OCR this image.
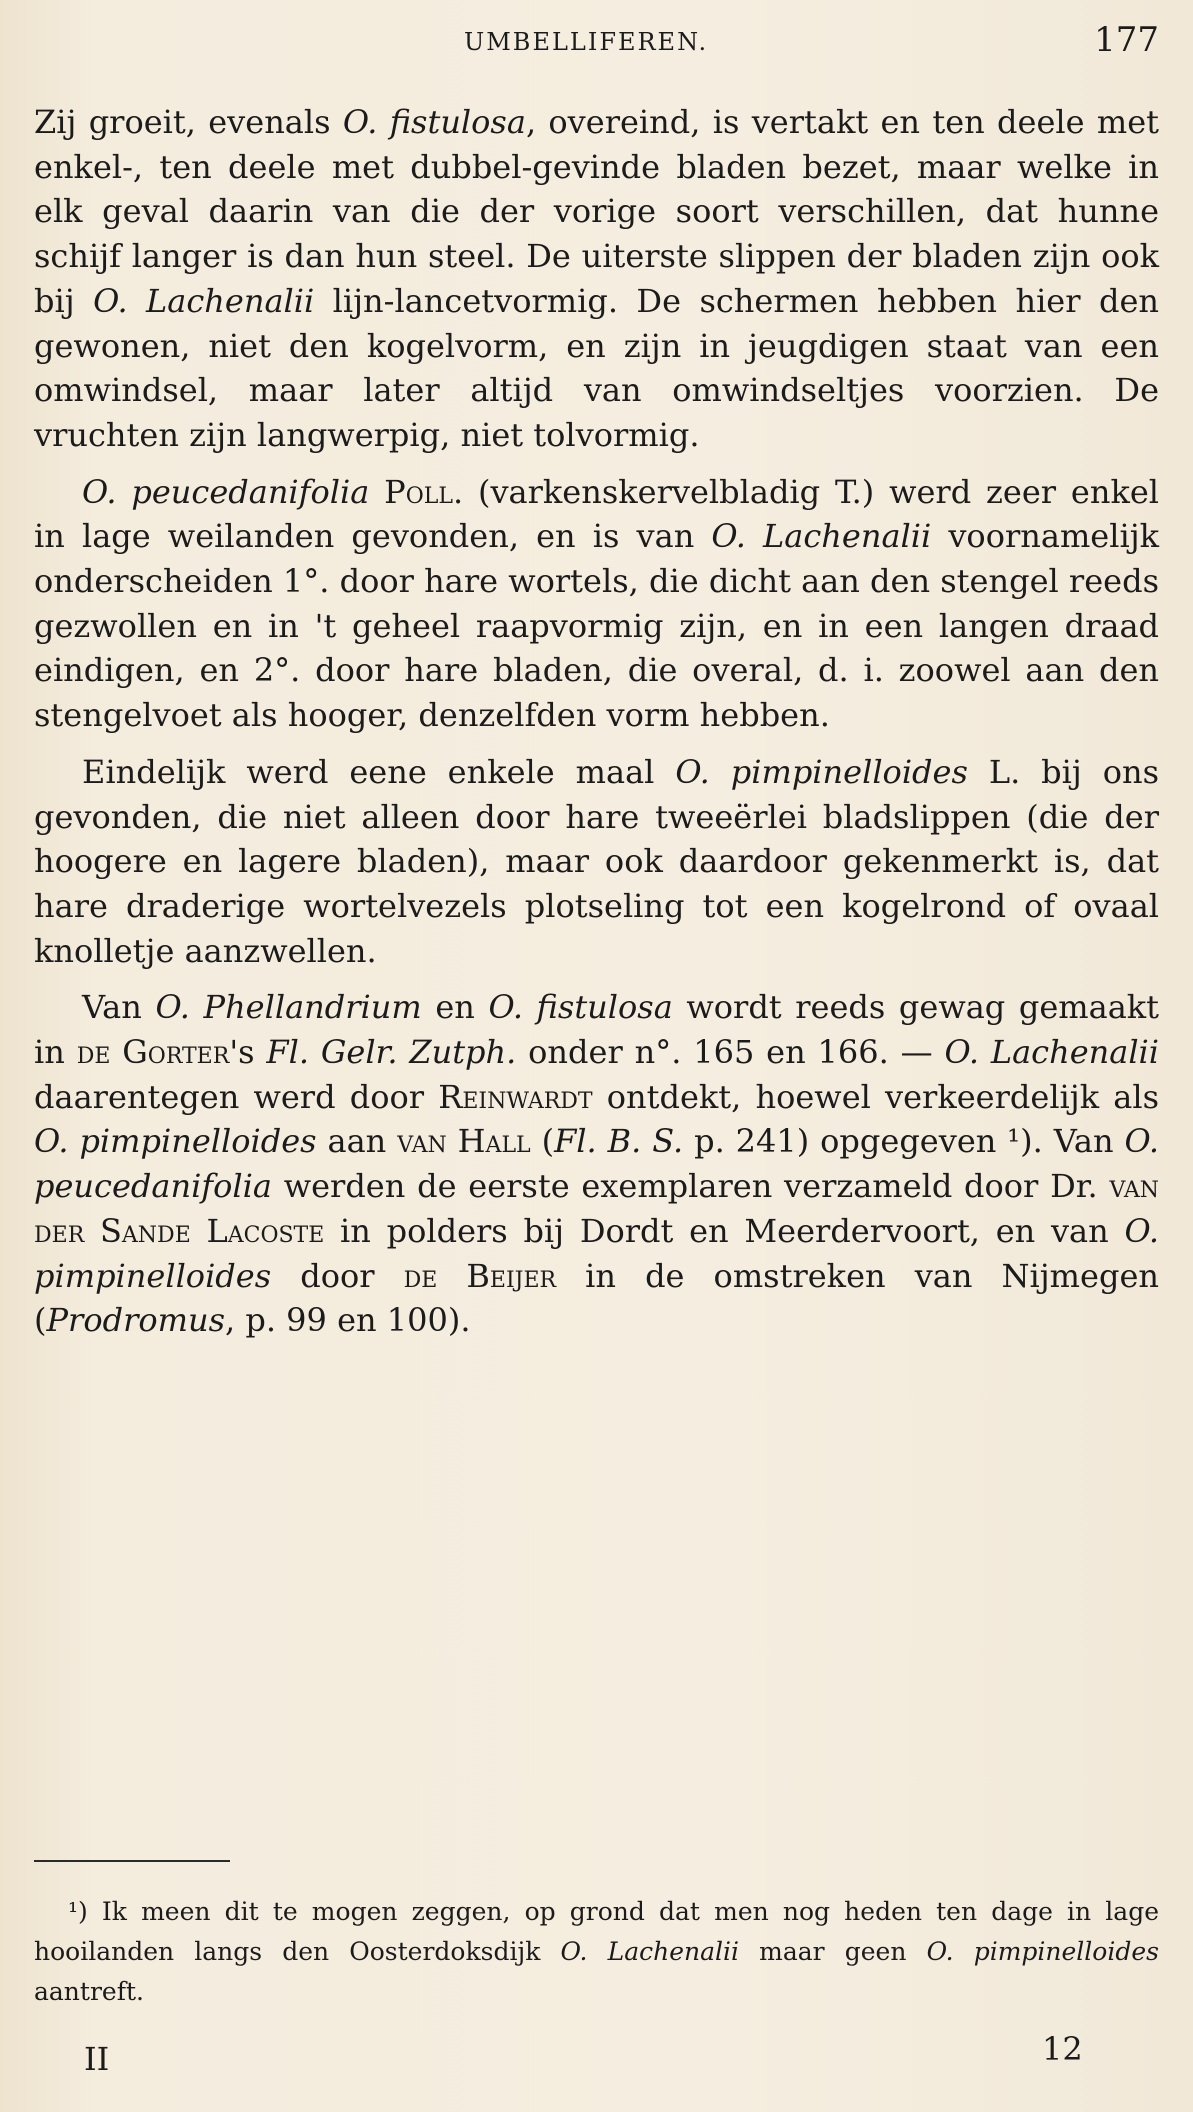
UMBELLIFEREN.	177

Zij groeit, evenals O. fistulosa, overeind, is vertakt en ten deele met enkel-, ten deele met dubbel-gevinde bladen bezet, maar welke in elk geval daarin van die der vorige soort verschillen, dat hunne schijf langer is dan hun steel. De uiterste slippen der bladen zijn ook bij O. Lachenalii lijn-lancetvormig. De schermen hebben hier den gewonen, niet den kogelvorm, en zijn in jeugdigen staat van een omwindsel, maar later altijd van omwindseltjes voorzien. De vruchten zijn langwerpig, niet tolvormig.

O. peucedanifolia Poll. (varkenskervelbladig T.) werd zeer enkel in lage weilanden gevonden, en is van O. Lachenalii voornamelijk onderscheiden 1°. door hare wortels, die dicht aan den stengel reeds gezwollen en in 't geheel raapvormig zijn, en in een langen draad eindigen, en 2°. door hare bladen, die overal, d. i. zoowel aan den stengelvoet als hooger, denzelfden vorm hebben.

Eindelijk werd eene enkele maal O. pimpinelloides L. bij ons gevonden, die niet alleen door hare tweeërlei bladslippen (die der hoogere en lagere bladen), maar ook daardoor gekenmerkt is, dat hare draderige wortelvezels plotseling tot een kogelrond of ovaal knolletje aanzwellen.

Van O. Phellandrium en O. fistulosa wordt reeds gewag gemaakt in de Gorter's Fl. Gelr. Zutph. onder n°. 165 en 166. — O. Lachenalii daarentegen werd door Reinwardt ontdekt, hoewel verkeerdelijk als O. pimpinelloides aan van Hall (Fl. B. S. p. 241) opgegeven ¹). Van O. peucedanifolia werden de eerste exemplaren verzameld door Dr. van der Sande Lacoste in polders bij Dordt en Meerdervoort, en van O. pimpinelloides door de Beijer in de omstreken van Nijmegen (Prodromus, p. 99 en 100).

¹) Ik meen dit te mogen zeggen, op grond dat men nog heden ten dage in lage hooilanden langs den Oosterdoksdijk O. Lachenalii maar geen O. pimpinelloides aantreft.
II	12
